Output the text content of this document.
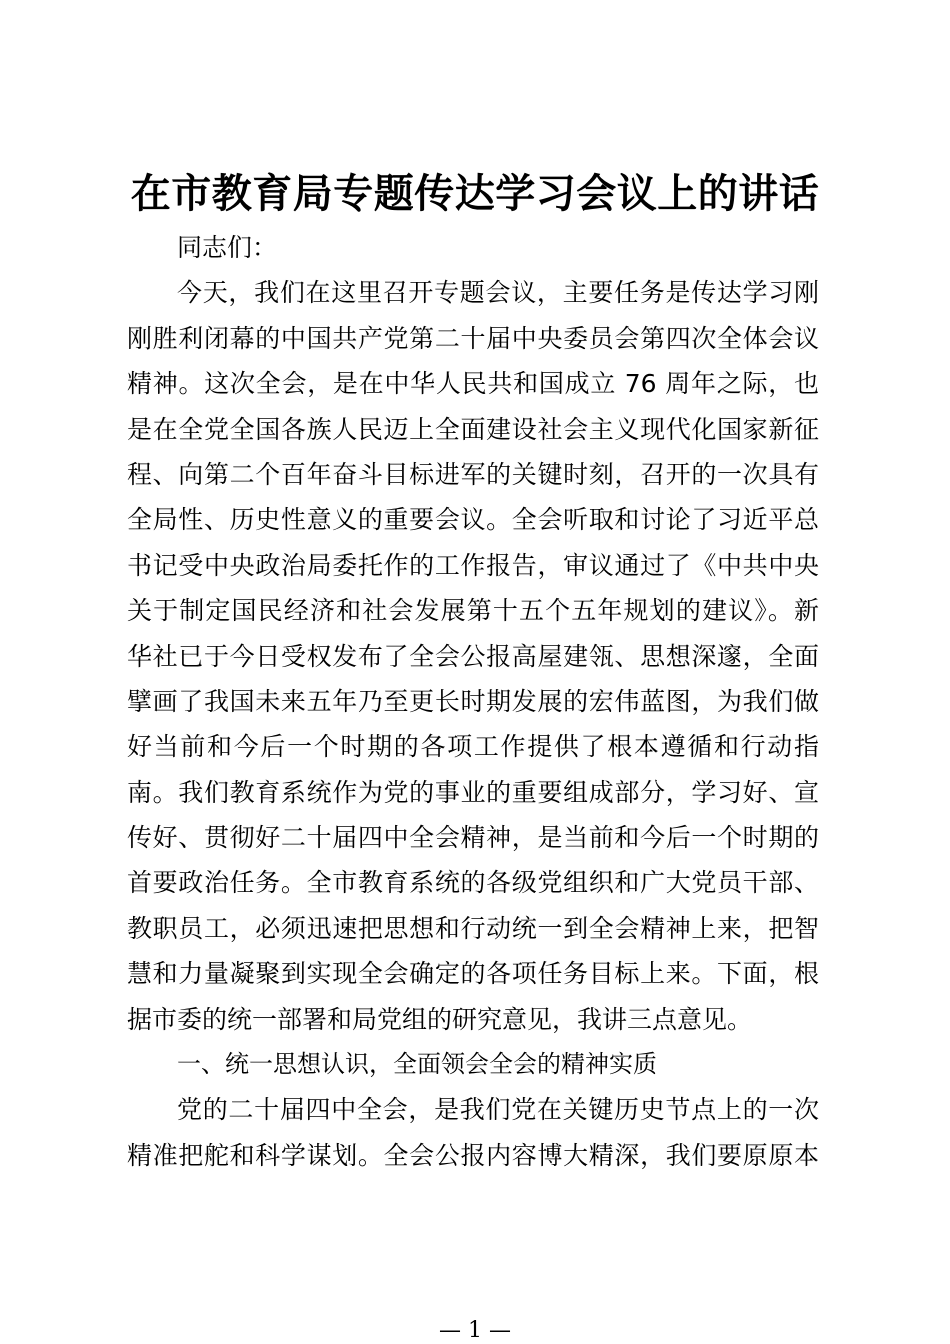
在市教育局专题传达学习会议上的讲话
同志们：
今天，我们在这里召开专题会议，主要任务是传达学习刚
刚胜利闭幕的中国共产党第二十届中央委员会第四次全体会议
精神。这次全会，是在中华人民共和国成立 76 周年之际，也
是在全党全国各族人民迈上全面建设社会主义现代化国家新征
程、向第二个百年奋斗目标进军的关键时刻，召开的一次具有
全局性、历史性意义的重要会议。全会听取和讨论了习近平总
书记受中央政治局委托作的工作报告，审议通过了《中共中央
关于制定国民经济和社会发展第十五个五年规划的建议》。新
华社已于今日受权发布了全会公报高屋建瓴、思想深邃，全面
擘画了我国未来五年乃至更长时期发展的宏伟蓝图，为我们做
好当前和今后一个时期的各项工作提供了根本遵循和行动指
南。我们教育系统作为党的事业的重要组成部分，学习好、宣
传好、贯彻好二十届四中全会精神，是当前和今后一个时期的
首要政治任务。全市教育系统的各级党组织和广大党员干部、
教职员工，必须迅速把思想和行动统一到全会精神上来，把智
慧和力量凝聚到实现全会确定的各项任务目标上来。下面，根
据市委的统一部署和局党组的研究意见，我讲三点意见。
一、统一思想认识，全面领会全会的精神实质
党的二十届四中全会，是我们党在关键历史节点上的一次
精准把舵和科学谋划。全会公报内容博大精深，我们要原原本
— 1 —
